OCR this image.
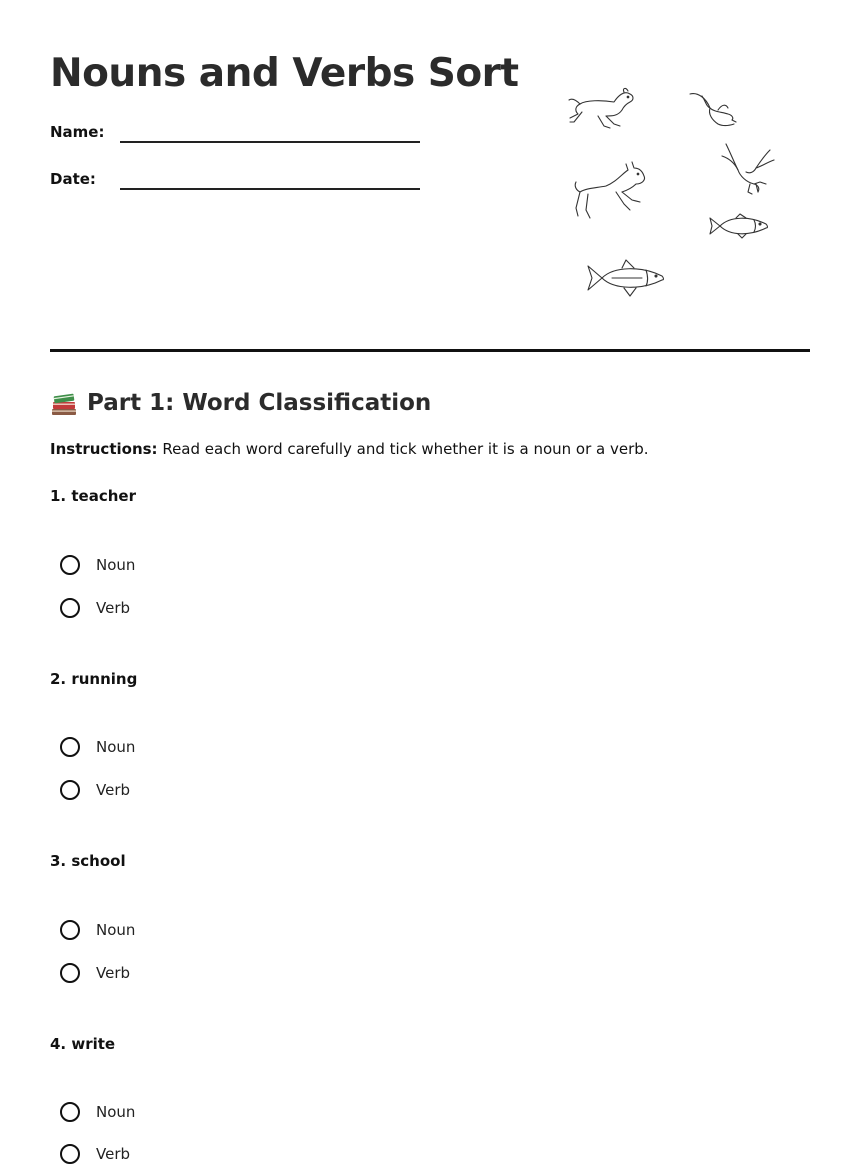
Nouns and Verbs Sort
Name:
Date:
Part 1: Word Classification
Instructions: Read each word carefully and tick whether it is a noun or a verb.
1. teacher
Noun
Verb
2. running
Noun
Verb
3. school
Noun
Verb
4. write
Noun
Verb
